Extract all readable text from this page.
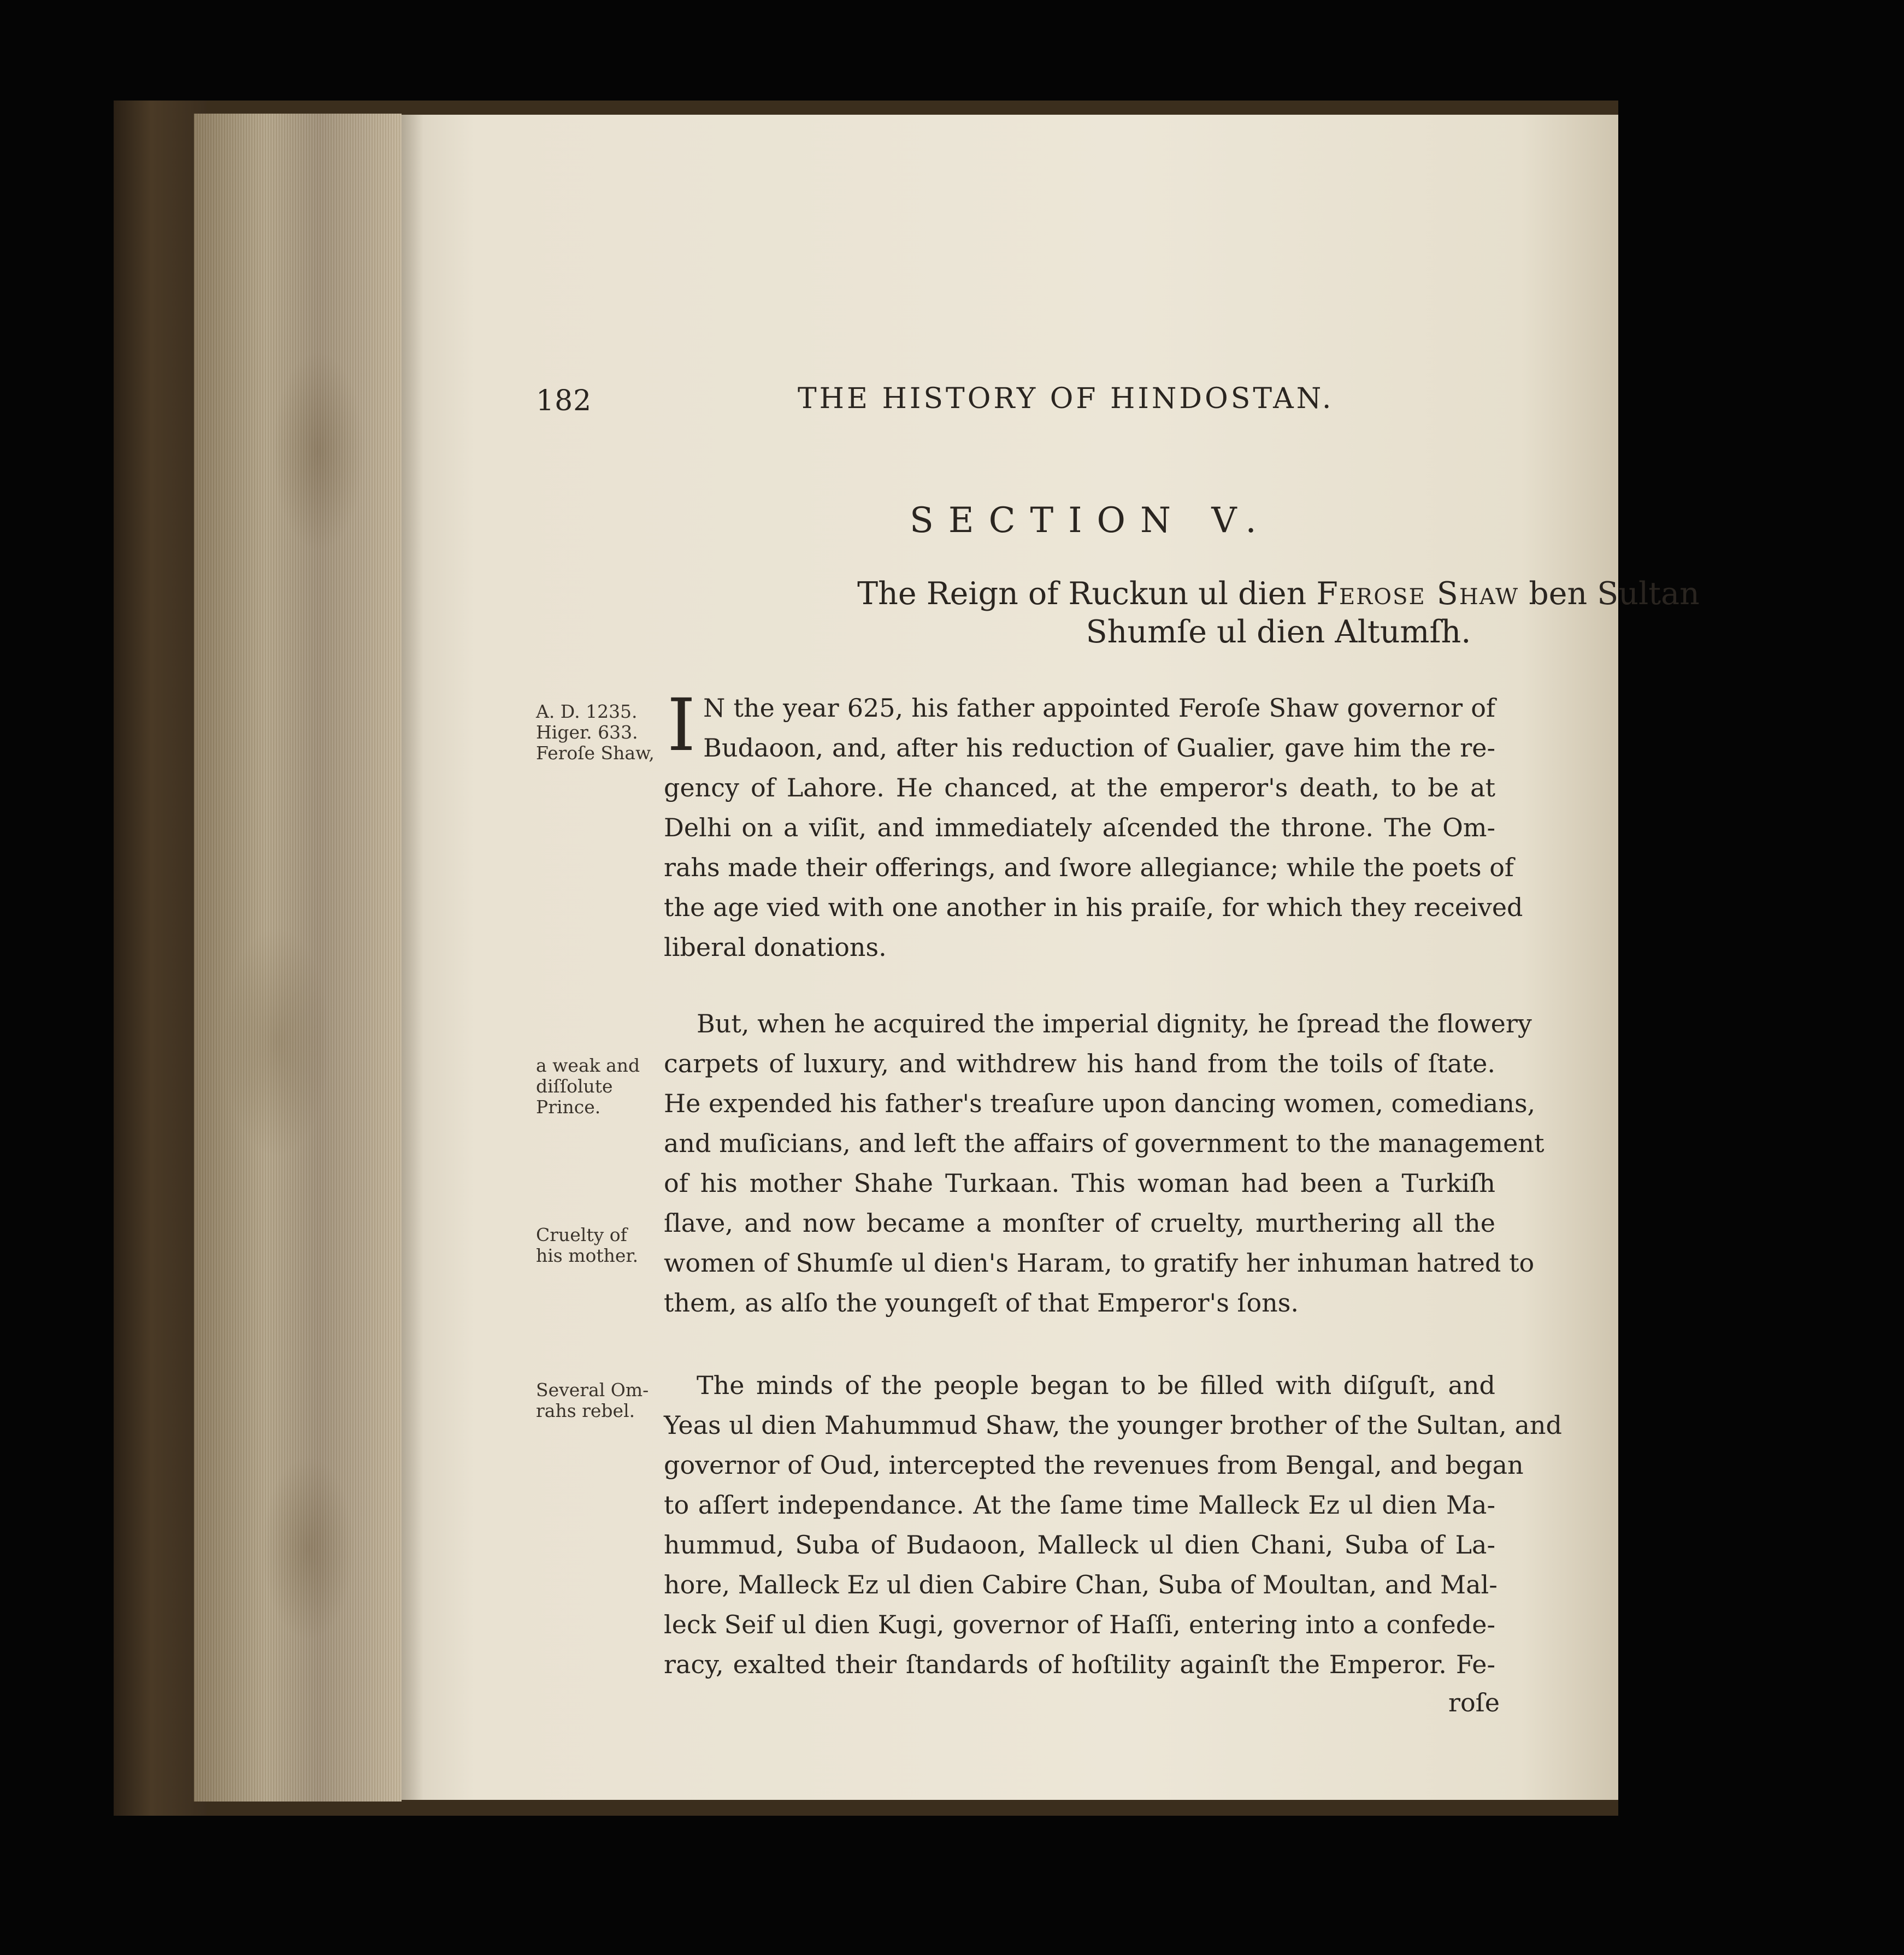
182	THE HISTORY OF HINDOSTAN.
SECTION V.
The Reign of Ruckun ul dien Ferose Shaw ben Sultan
Shumſe ul dien Altumſh.
A. D. 1235.
Higer. 633.
Feroſe Shaw,
a weak and
diſſolute
Prince.
Cruelty of
his mother.
Several Om-
rahs rebel.
I N the year 625, his father appointed Feroſe Shaw governor of
Budaoon, and, after his reduction of Gualier, gave him the re-
gency of Lahore. He chanced, at the emperor's death, to be at
Delhi on a viſit, and immediately aſcended the throne. The Om-
rahs made their offerings, and ſwore allegiance; while the poets of
the age vied with one another in his praiſe, for which they received
liberal donations.
But, when he acquired the imperial dignity, he ſpread the flowery
carpets of luxury, and withdrew his hand from the toils of ſtate.
He expended his father's treaſure upon dancing women, comedians,
and muſicians, and left the affairs of government to the management
of his mother Shahe Turkaan. This woman had been a Turkiſh
ſlave, and now became a monſter of cruelty, murthering all the
women of Shumſe ul dien's Haram, to gratify her inhuman hatred to
them, as alſo the youngeſt of that Emperor's ſons.
The minds of the people began to be filled with diſguſt, and
Yeas ul dien Mahummud Shaw, the younger brother of the Sultan, and
governor of Oud, intercepted the revenues from Bengal, and began
to aſſert independance. At the ſame time Malleck Ez ul dien Ma-
hummud, Suba of Budaoon, Malleck ul dien Chani, Suba of La-
hore, Malleck Ez ul dien Cabire Chan, Suba of Moultan, and Mal-
leck Seif ul dien Kugi, governor of Haſſi, entering into a confede-
racy, exalted their ſtandards of hoſtility againſt the Emperor. Fe-
roſe
